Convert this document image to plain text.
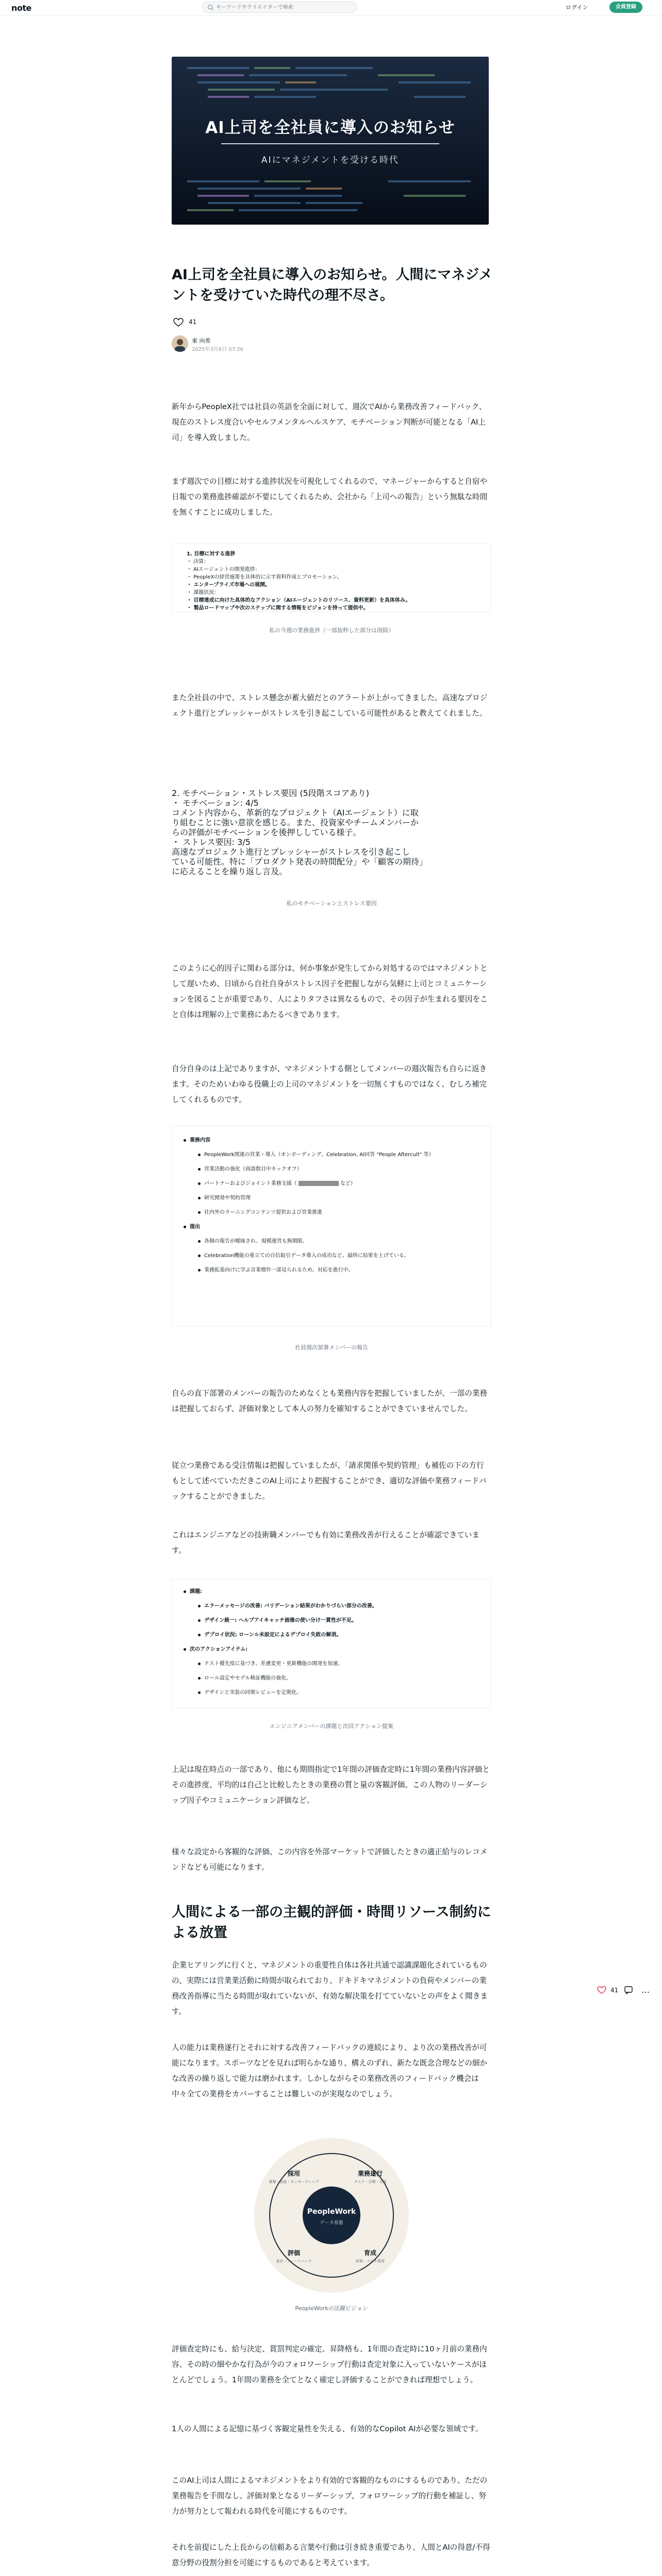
note
キーワードやクリエイターで検索	ログイン	会員登録
AI上司を全社員に導入のお知らせ
AIにマネジメントを受ける時代
AI上司を全社員に導入のお知らせ。人間にマネジメントを受けていた時代の理不尽さ。
41
東 向希
2025年3月6日 07:26

新年からPeopleX社では社員の英語を全面に対して、週次でAIから業務改善フィードバック、現在のストレス度合いやセルフメンタルヘルスケア、モチベーション判断が可能となる「AI上司」を導入致しました。

まず週次での目標に対する進捗状況を可視化してくれるので、マネージャーからすると自宿や日報での業務進捗確認が不要にしてくれるため、会社から「上司への報告」という無駄な時間を無くすことに成功しました。

1. 目標に対する進捗
・ 決算：
・ AIエージェントの開発進捗：
・ PeopleXの経営施策を具体的に示す資料作成とプロモーション。
・ エンタープライズ市場への展開。
・ 課題状況：
・ 目標達成に向けた具体的なアクション（AIエージェントのリソース、資料更新）を具体体み。
・ 製品ロードマップや次のステップに関する情報をビジョンを持って提供中。
私の今週の業務進捗（一部抜粋した部分は削除）

また全社員の中で、ストレス懸念が蓄大値だとのアラートが上がってきました。高速なプロジェクト進行とプレッシャーがストレスを引き起こしている可能性があると教えてくれました。

2. モチベーション・ストレス要因 (5段階スコアあり)
・ モチベーション: 4/5
コメント内容から、革新的なプロジェクト（AIエージェント）に取
り組むことに強い意欲を感じる。また、投資家やチームメンバーか
らの評価がモチベーションを後押ししている様子。
・ ストレス要因: 3/5
高速なプロジェクト進行とプレッシャーがストレスを引き起こし
ている可能性。特に「プロダクト発表の時間配分」や「顧客の期待」
に応えることを繰り返し言及。
私のモチベーションとストレス要因

このように心的因子に関わる部分は、何か事象が発生してから対処するのではマネジメントとして遅いため、日頃から自社自身がストレス因子を把握しながら気軽に上司とコミュニケーションを図ることが重要であり、人によりタフさは異なるもので、その因子が生まれる要因をこと自体は理解の上で業務にあたるべきであります。

自分自身のは上記でありますが、マネジメントする側としてメンバーの週次報告も自らに返きます。そのためいわゆる役職上の上司のマネジメントを一切無くすものではなく、むしろ補完してくれるものです。

業務内容
PeopleWork関連の営業・導入（オンボーディング、Celebration, AI回答 "People Aftercult" 等）
営業活動の強化（商談数目中キックオフ）
パートナーおよびジョイント業務支援（	など）
研究開発や契約管理
社内外のラーニングコンテンツ提供および営業推進
提出
各個の報告が曖昧され、規模運営も無期限。
Celebration機能の重立ての自信取引データ導入の成功など、最終に結果を上げている。
業務拡張向けに学ぶ音業標作一部見られるため、対応を進行中。
社員週次部署メンバーの報告

自らの直下部署のメンバーの報告のためなくとも業務内容を把握していましたが、一部の業務は把握しておらず、評価対象として本人の努力を確知することができていませんでした。

従立つ業務である受注情報は把握していましたが、「請求関係や契約管理」も補佐の下の方行もとして述べていただきこのAI上司により把握することができ、適切な評価や業務フィードバックすることができました。

これはエンジニアなどの技術職メンバーでも有効に業務改善が行えることが確認できています。

課題:
エラーメッセージの改善: バリデーション結果がわかりづらい部分の改善。
デザイン統一: ヘルプアイキャッチ画像の使い分け一貫性が不足。
デプロイ状況: ローンル未設定によるデプロイ失敗の解消。
次のアクションアイテム:
テスト優先度に基づき、差慮変更・更新機能の開発を加速。
ロール設定やモデル検証機能の強化。
デザインと実装の同期レビューを定期化。
エンジニアメンバーの課題と次回アクション提案

上記は現在時点の一部であり、他にも期間指定で1年間の評価査定時に1年間の業務内容評価とその進捗度、平均的は自己と比較したときの業務の質と量の客観評価、この人物のリーダーシップ因子やコミュニケーション評価など。

様々な設定から客観的な評価、この内容を外部マーケットで評価したときの適正給与のレコメンドなども可能になります。

人間による一部の主観的評価・時間リソース制約による放置

企業ヒアリングに行くと、マネジメントの重要性自体は各社共通で認識課題化されているものの、実際には営業業活動に時間が取られており、ドキドキマネジメントの負荷やメンバーの業務改善指導に当たる時間が取れていないが、有効な解決策を打てていないとの声をよく聞きます。

人の能力は業務遂行とそれに対する改善フィードバックの連続により、より次の業務改善が可能になります。スポーツなどを見れば明らかな通り、構えのずれ、新たな既念合理などの細かな改善の繰り返しで能力は磨かれます。しかしながらその業務改善のフィードバック機会は中々全ての業務をカバーすることは難しいのが実現なのでしょう。

PeopleWork
データ基盤
採用
書類・面接・オンボーディング
業務遂行
タスク・目標・日報
評価
査定・フィードバック
育成
研修・スキル開発
PeopleWorkの活躍ビジョン

評価査定時にも、給与決定、賞罰判定の確定、昇降格も、1年間の査定時に10ヶ月前の業務内容、その時の細やかな行為が今のフォロワーシップ行動は査定対象に入っていないケースがほとんどでしょう。1年間の業務を全てとなく確定し評価することができれば理想でしょう。

1人の人間による記憶に基づく客観定量性を失える、有効的なCopilot AIが必要な領域です。

このAI上司は人間によるマネジメントをより有効的で客観的なものにするものであり、ただの業務報告を手間なし、評価対象となるリーダーシップ、フォロワーシップ的行動を補証し、努力が努力として報われる時代を可能にするものです。

それを前提にした上長からの信頼ある言葉や行動は引き続き重要であり、人間とAIの得意/不得意分野の役割分担を可能にするものであると考えています。

41	…
